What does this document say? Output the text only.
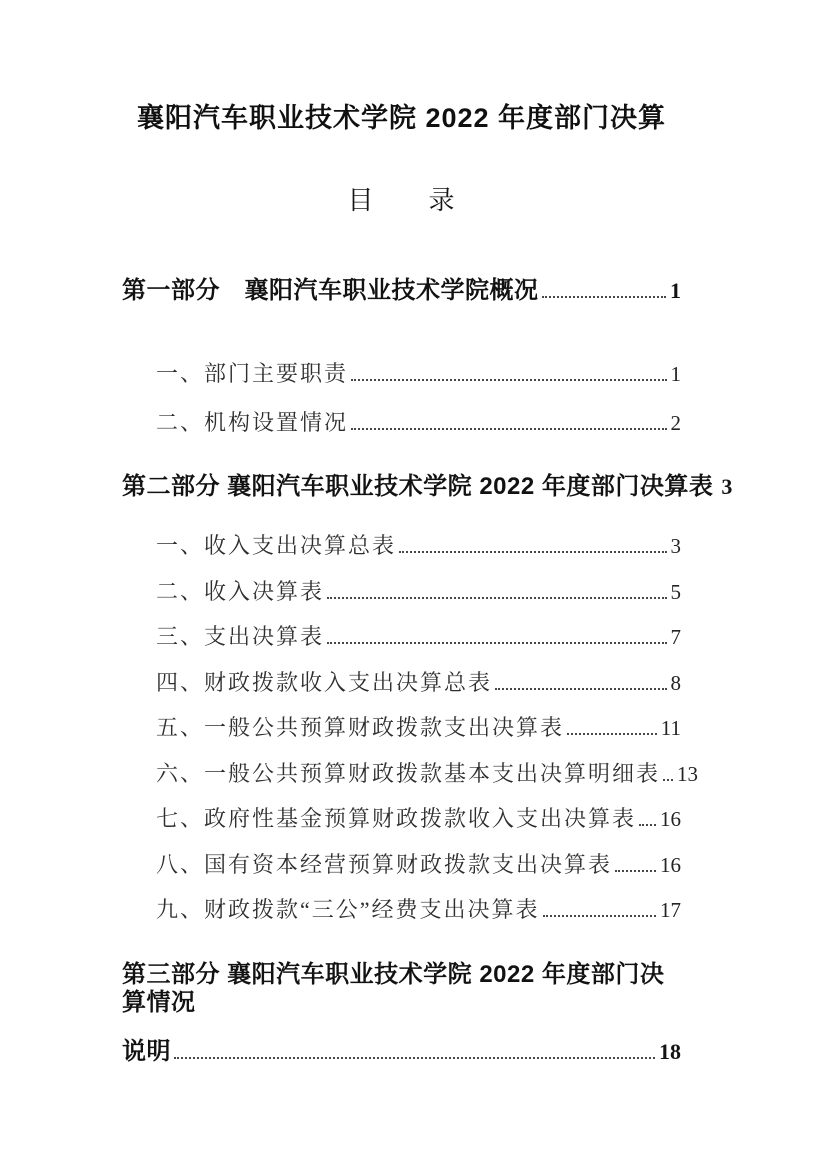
襄阳汽车职业技术学院 2022 年度部门决算
目　　录
第一部分　襄阳汽车职业技术学院概况	1
一、部门主要职责	1
二、机构设置情况	2
第二部分 襄阳汽车职业技术学院 2022 年度部门决算表 3
一、收入支出决算总表	3
二、收入决算表	5
三、支出决算表	7
四、财政拨款收入支出决算总表	8
五、一般公共预算财政拨款支出决算表	11
六、一般公共预算财政拨款基本支出决算明细表 13
七、政府性基金预算财政拨款收入支出决算表 16
八、国有资本经营预算财政拨款支出决算表 16
九、财政拨款“三公”经费支出决算表	17
第三部分 襄阳汽车职业技术学院 2022 年度部门决算情况
说明	18
